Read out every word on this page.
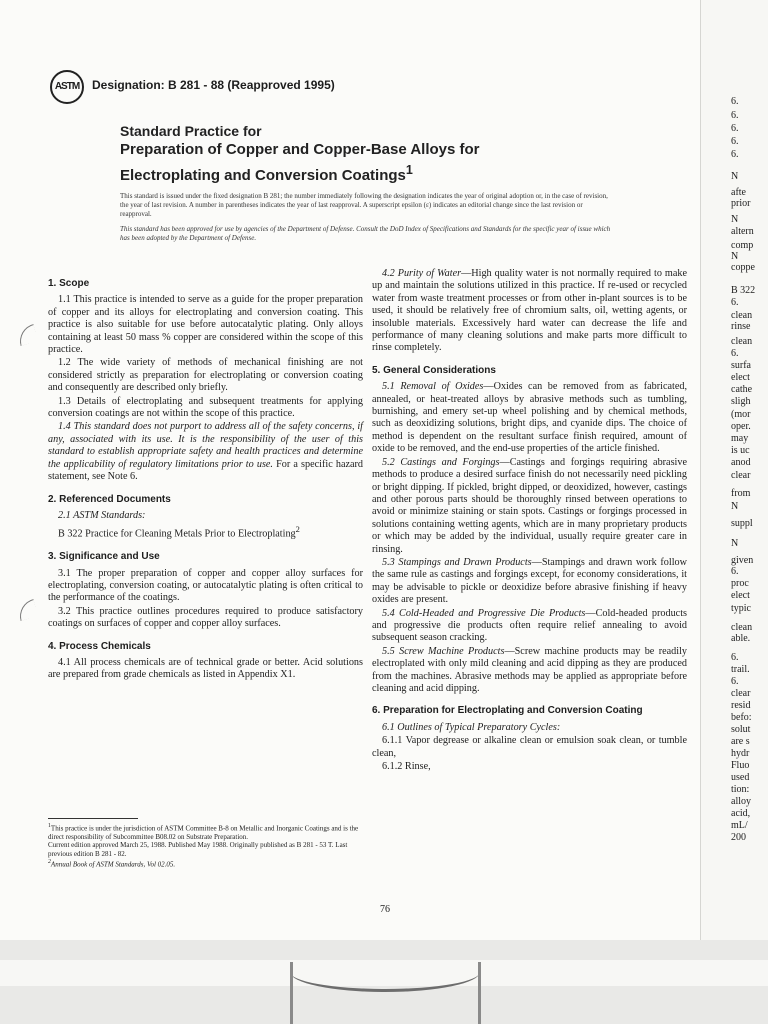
ASTM	Designation: B 281 - 88 (Reapproved 1995)
Standard Practice for
Preparation of Copper and Copper-Base Alloys for
Electroplating and Conversion Coatings$^1$

This standard is issued under the fixed designation B 281; the number immediately following the designation indicates the year of original adoption or, in the case of revision, the year of last revision. A number in parentheses indicates the year of last reapproval. A superscript epsilon (ε) indicates an editorial change since the last revision or reapproval.

This standard has been approved for use by agencies of the Department of Defense. Consult the DoD Index of Specifications and Standards for the specific year of issue which has been adopted by the Department of Defense.

1. Scope

1.1 This practice is intended to serve as a guide for the proper preparation of copper and its alloys for electroplating and conversion coating. This practice is also suitable for use before autocatalytic plating. Only alloys containing at least 50 mass % copper are considered within the scope of this practice.

1.2 The wide variety of methods of mechanical finishing are not considered strictly as preparation for electroplating or conversion coating and consequently are described only briefly.

1.3 Details of electroplating and subsequent treatments for applying conversion coatings are not within the scope of this practice.

1.4 This standard does not purport to address all of the safety concerns, if any, associated with its use. It is the responsibility of the user of this standard to establish appropriate safety and health practices and determine the applicability of regulatory limitations prior to use. For a specific hazard statement, see Note 6.

2. Referenced Documents

2.1 ASTM Standards:

B 322 Practice for Cleaning Metals Prior to Electroplating$^2$

3. Significance and Use

3.1 The proper preparation of copper and copper alloy surfaces for electroplating, conversion coating, or autocatalytic plating is often critical to the performance of the coatings.

3.2 This practice outlines procedures required to produce satisfactory coatings on surfaces of copper and copper alloy surfaces.

4. Process Chemicals

4.1 All process chemicals are of technical grade or better. Acid solutions are prepared from grade chemicals as listed in Appendix X1.

4.2 Purity of Water—High quality water is not normally required to make up and maintain the solutions utilized in this practice. If re-used or recycled water from waste treatment processes or from other in-plant sources is to be used, it should be relatively free of chromium salts, oil, wetting agents, or insoluble materials. Excessively hard water can decrease the life and performance of many cleaning solutions and make parts more difficult to rinse completely.

5. General Considerations

5.1 Removal of Oxides—Oxides can be removed from as fabricated, annealed, or heat-treated alloys by abrasive methods such as tumbling, burnishing, and emery set-up wheel polishing and by chemical methods, such as deoxidizing solutions, bright dips, and cyanide dips. The choice of method is dependent on the resultant surface finish required, amount of oxide to be removed, and the end-use properties of the article finished.

5.2 Castings and Forgings—Castings and forgings requiring abrasive methods to produce a desired surface finish do not necessarily need pickling or bright dipping. If pickled, bright dipped, or deoxidized, however, castings and other porous parts should be thoroughly rinsed between operations to avoid or minimize staining or stain spots. Castings or forgings processed in solutions containing wetting agents, which are in many proprietary products or which may be added by the individual, usually require greater care in rinsing.

5.3 Stampings and Drawn Products—Stampings and drawn work follow the same rule as castings and forgings except, for economy considerations, it may be advisable to pickle or deoxidize before abrasive finishing if heavy oxides are present.

5.4 Cold-Headed and Progressive Die Products—Cold-headed products and progressive die products often require relief annealing to avoid subsequent season cracking.

5.5 Screw Machine Products—Screw machine products may be readily electroplated with only mild cleaning and acid dipping as they are produced from the machines. Abrasive methods may be applied as appropriate before cleaning and acid dipping.

6. Preparation for Electroplating and Conversion Coating

6.1 Outlines of Typical Preparatory Cycles:

6.1.1 Vapor degrease or alkaline clean or emulsion soak clean, or tumble clean,

6.1.2 Rinse,

$^1$This practice is under the jurisdiction of ASTM Committee B-8 on Metallic and Inorganic Coatings and is the direct responsibility of Subcommittee B08.02 on Substrate Preparation.
Current edition approved March 25, 1988. Published May 1988. Originally published as B 281 - 53 T. Last previous edition B 281 - 82.
$^2$Annual Book of ASTM Standards, Vol 02.05.
76
6.
6.
6.
6.
6.
N
afte
prior
N
altern
comp
N
coppe
B 322
6.
clean
rinse
clean
6.
surfa
elect
cathe
sligh
(mor
oper.
may
is uc
anod
clear
from
N
suppl
N
given
6.
proc
elect
typic
clean
able.
6.
trail.
6.
clear
resid
befo:
solut
are s
hydr
Fluo
used
tion:
alloy
acid,
mL/
200
